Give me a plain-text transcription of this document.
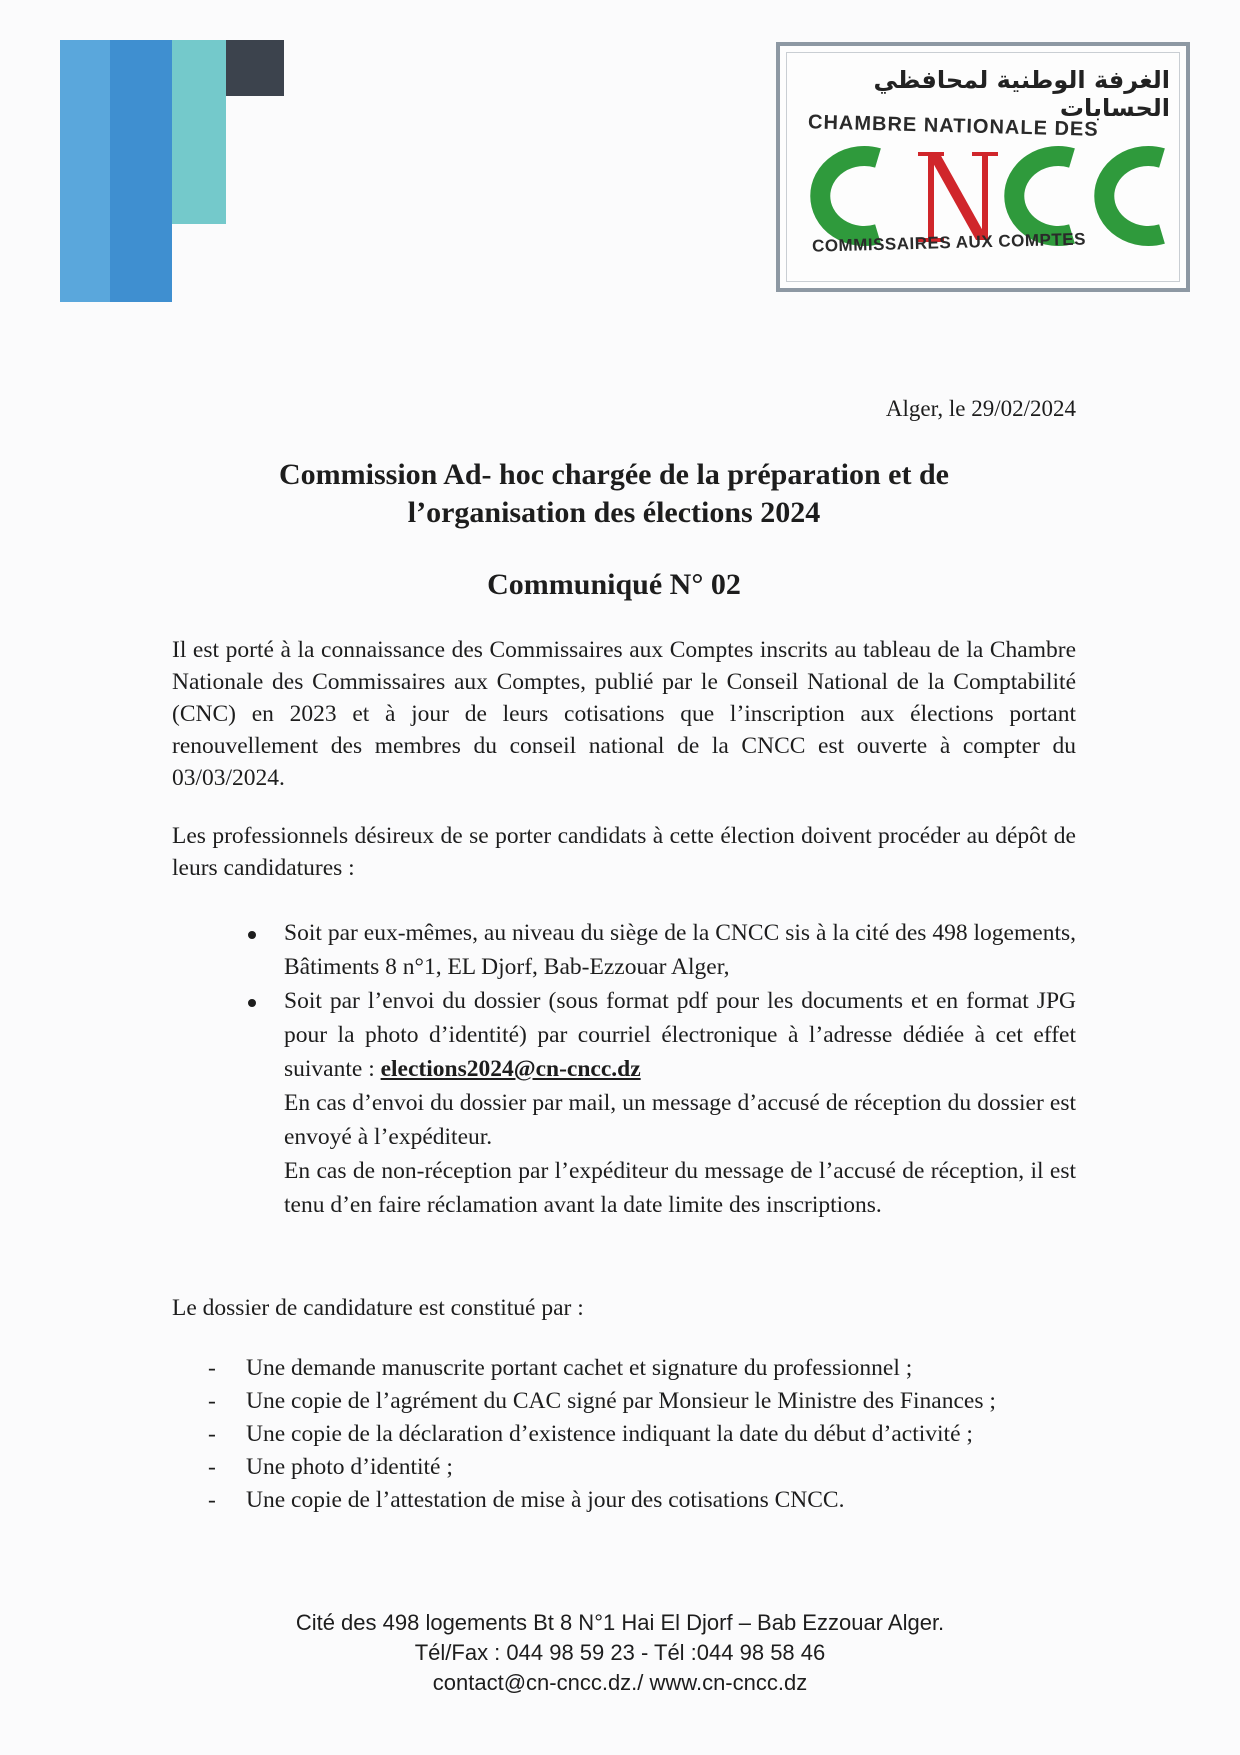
الغرفة الوطنية لمحافظي الحسابات
CHAMBRE NATIONALE DES
COMMISSAIRES AUX COMPTES
Alger, le 29/02/2024
Commission Ad- hoc chargée de la préparation et de
l’organisation des élections 2024
Communiqué N° 02
Il est porté à la connaissance des Commissaires aux Comptes inscrits au tableau de la Chambre Nationale des Commissaires aux Comptes, publié par le Conseil National de la Comptabilité (CNC) en 2023 et à jour de leurs cotisations que l’inscription aux élections portant renouvellement des membres du conseil national de la CNCC est ouverte à compter du 03/03/2024.
Les professionnels désireux de se porter candidats à cette élection doivent procéder au dépôt de leurs candidatures :
Soit par eux-mêmes, au niveau du siège de la CNCC sis à la cité des 498 logements, Bâtiments 8 n°1, EL Djorf, Bab-Ezzouar Alger,
Soit par l’envoi du dossier (sous format pdf pour les documents et en format JPG pour la photo d’identité) par courriel électronique à l’adresse dédiée à cet effet suivante : elections2024@cn-cncc.dz
En cas d’envoi du dossier par mail, un message d’accusé de réception du dossier est envoyé à l’expéditeur.
En cas de non-réception par l’expéditeur du message de l’accusé de réception, il est tenu d’en faire réclamation avant la date limite des inscriptions.
Le dossier de candidature est constitué par :
- Une demande manuscrite portant cachet et signature du professionnel ;
- Une copie de l’agrément du CAC signé par Monsieur le Ministre des Finances ;
- Une copie de la déclaration d’existence indiquant la date du début d’activité ;
- Une photo d’identité ;
- Une copie de l’attestation de mise à jour des cotisations CNCC.
Cité des 498 logements Bt 8 N°1 Hai El Djorf – Bab Ezzouar Alger.
Tél/Fax : 044 98 59 23 - Tél :044 98 58 46
contact@cn-cncc.dz./ www.cn-cncc.dz
